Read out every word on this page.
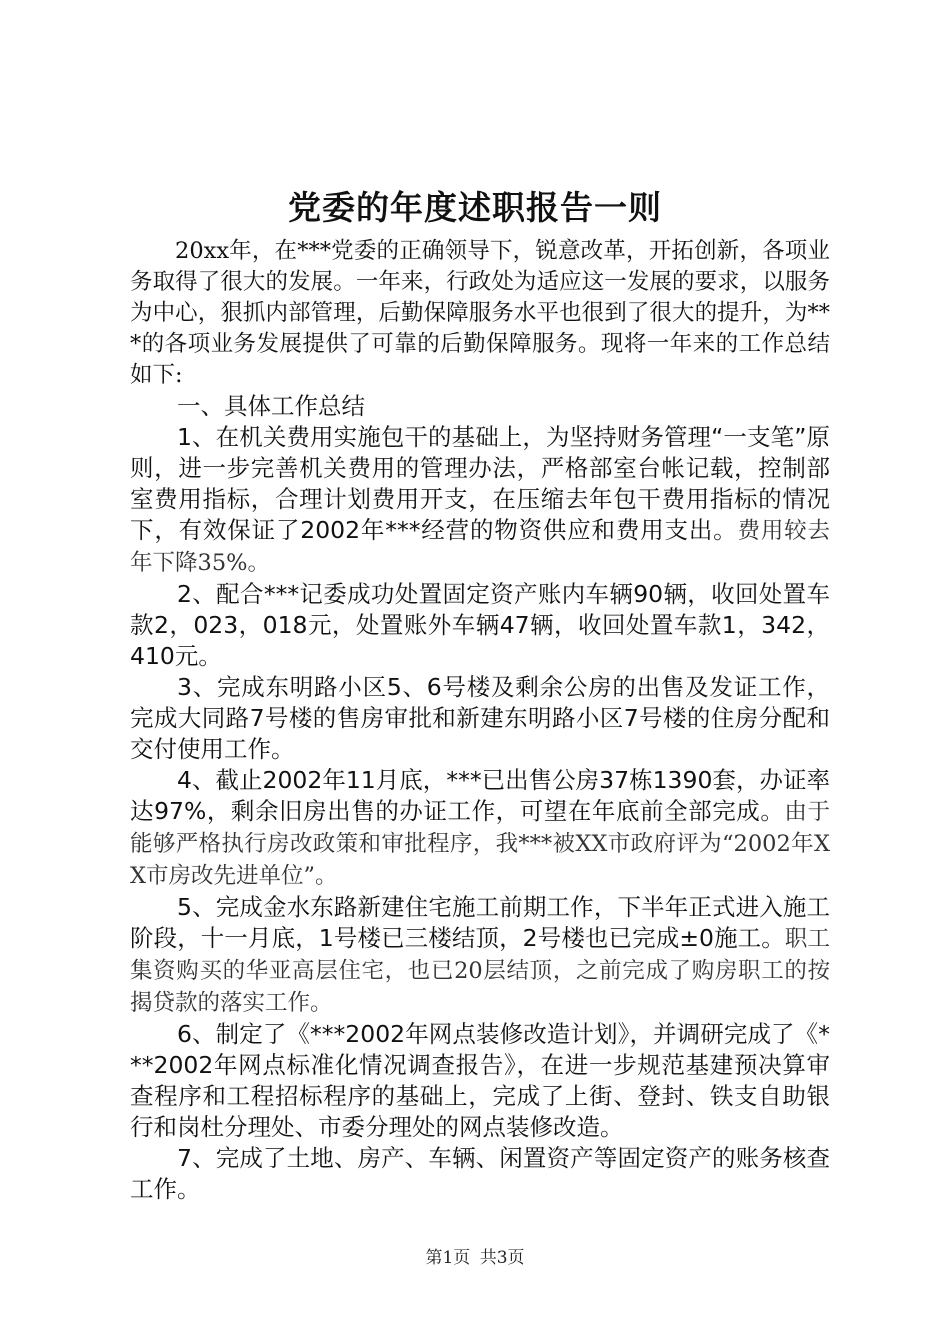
党委的年度述职报告一则

20xx年，在***党委的正确领导下，锐意改革，开拓创新，各项业务取得了很大的发展。一年来，行政处为适应这一发展的要求，以服务为中心，狠抓内部管理，后勤保障服务水平也很到了很大的提升，为***的各项业务发展提供了可靠的后勤保障服务。现将一年来的工作总结如下:

一、具体工作总结

1、在机关费用实施包干的基础上，为坚持财务管理“一支笔”原则，进一步完善机关费用的管理办法，严格部室台帐记载，控制部室费用指标，合理计划费用开支，在压缩去年包干费用指标的情况下，有效保证了2002年***经营的物资供应和费用支出。费用较去年下降35%。

2、配合***记委成功处置固定资产账内车辆90辆，收回处置车款2，023，018元，处置账外车辆47辆，收回处置车款1，342，410元。

3、完成东明路小区5、6号楼及剩余公房的出售及发证工作，完成大同路7号楼的售房审批和新建东明路小区7号楼的住房分配和交付使用工作。

4、截止2002年11月底，***已出售公房37栋1390套，办证率达97%，剩余旧房出售的办证工作，可望在年底前全部完成。由于能够严格执行房改政策和审批程序，我***被XX市政府评为“2002年XX市房改先进单位”。

5、完成金水东路新建住宅施工前期工作，下半年正式进入施工阶段，十一月底，1号楼已三楼结顶，2号楼也已完成±0施工。职工集资购买的华亚高层住宅，也已20层结顶，之前完成了购房职工的按揭贷款的落实工作。

6、制定了《***2002年网点装修改造计划》，并调研完成了《***2002年网点标准化情况调查报告》，在进一步规范基建预决算审查程序和工程招标程序的基础上，完成了上街、登封、铁支自助银行和岗杜分理处、市委分理处的网点装修改造。

7、完成了土地、房产、车辆、闲置资产等固定资产的账务核查工作。

第1页 共3页
